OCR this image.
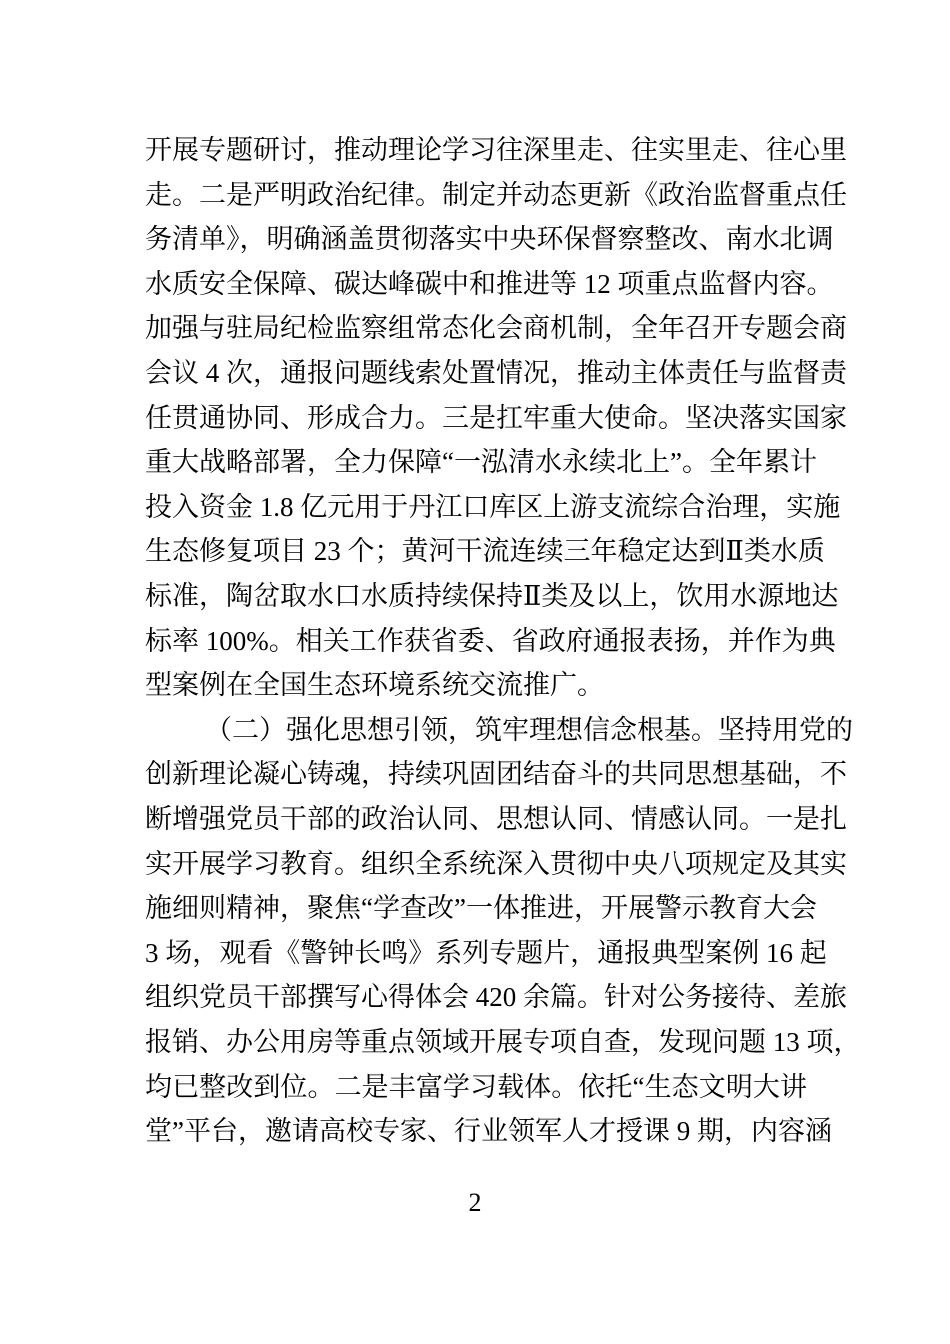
开展专题研讨，推动理论学习往深里走、往实里走、往心里
走。二是严明政治纪律。制定并动态更新《政治监督重点任
务清单》，明确涵盖贯彻落实中央环保督察整改、南水北调
水质安全保障、碳达峰碳中和推进等 12 项重点监督内容。
加强与驻局纪检监察组常态化会商机制，全年召开专题会商
会议 4 次，通报问题线索处置情况，推动主体责任与监督责
任贯通协同、形成合力。三是扛牢重大使命。坚决落实国家
重大战略部署，全力保障“一泓清水永续北上”。全年累计
投入资金 1.8 亿元用于丹江口库区上游支流综合治理，实施
生态修复项目 23 个；黄河干流连续三年稳定达到Ⅱ类水质
标准，陶岔取水口水质持续保持Ⅱ类及以上，饮用水源地达
标率 100%。相关工作获省委、省政府通报表扬，并作为典
型案例在全国生态环境系统交流推广。
（二）强化思想引领，筑牢理想信念根基。坚持用党的
创新理论凝心铸魂，持续巩固团结奋斗的共同思想基础，不
断增强党员干部的政治认同、思想认同、情感认同。一是扎
实开展学习教育。组织全系统深入贯彻中央八项规定及其实
施细则精神，聚焦“学查改”一体推进，开展警示教育大会
3 场，观看《警钟长鸣》系列专题片，通报典型案例 16 起
组织党员干部撰写心得体会 420 余篇。针对公务接待、差旅
报销、办公用房等重点领域开展专项自查，发现问题 13 项，
均已整改到位。二是丰富学习载体。依托“生态文明大讲
堂”平台，邀请高校专家、行业领军人才授课 9 期，内容涵
2
